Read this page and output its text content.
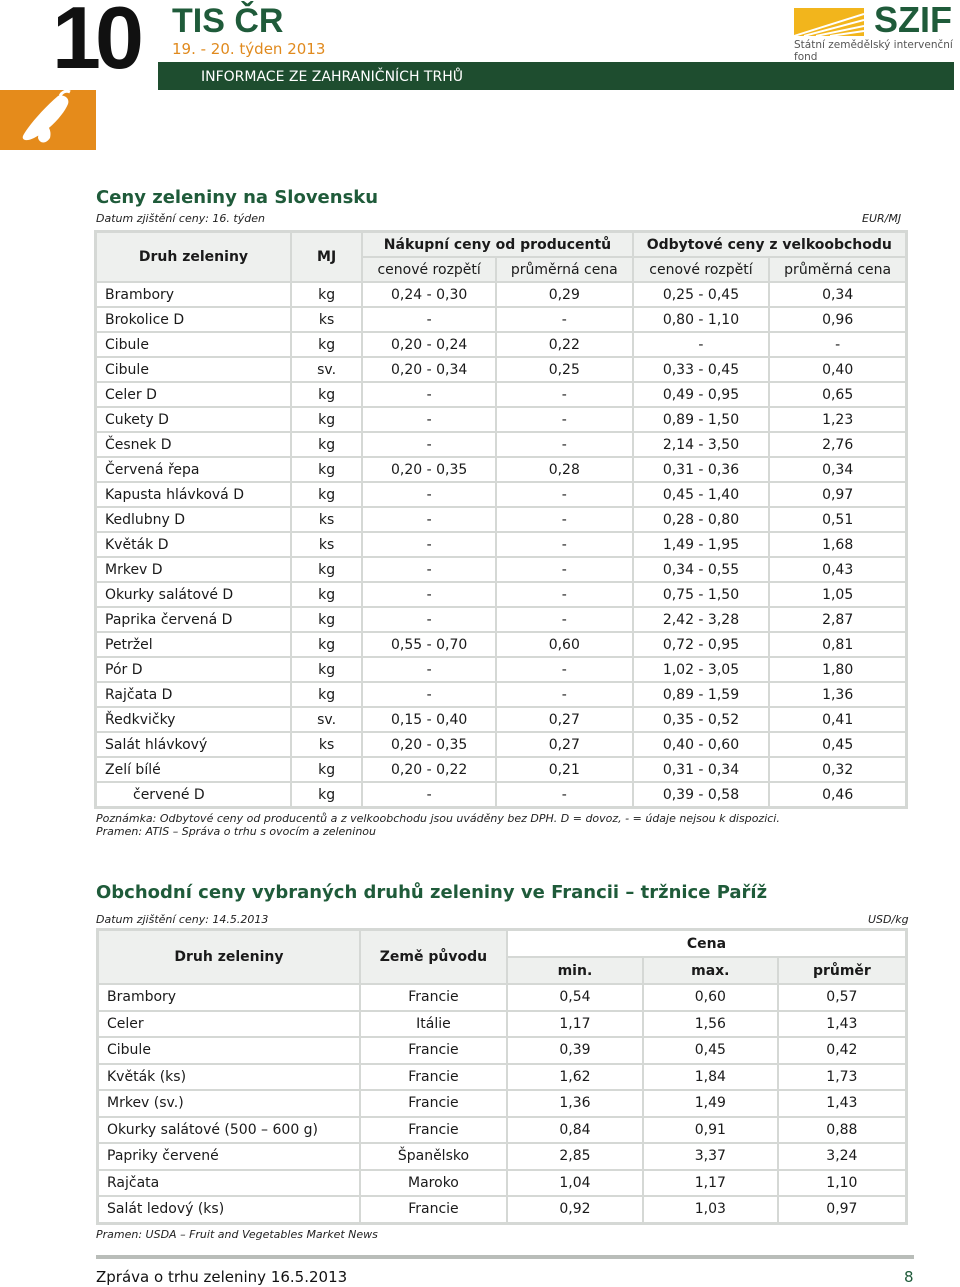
10 TIS ČR
19. - 20. týden 2013
INFORMACE ZE ZAHRANIČNÍCH TRHŮ
SZIF
Státní zemědělský intervenční fond
Ceny zeleniny na Slovensku
Datum zjištění ceny: 16. týden	EUR/MJ
Druh zeleniny	MJ	Nákupní ceny od producentů		Odbytové ceny z velkoobchodu	
		cenové rozpětí	průměrná cena	cenové rozpětí	průměrná cena
Brambory	kg	0,24 - 0,30	0,29	0,25 - 0,45	0,34
Brokolice D	ks	-	-	0,80 - 1,10	0,96
Cibule	kg	0,20 - 0,24	0,22	-	-
Cibule	sv.	0,20 - 0,34	0,25	0,33 - 0,45	0,40
Celer D	kg	-	-	0,49 - 0,95	0,65
Cukety D	kg	-	-	0,89 - 1,50	1,23
Česnek D	kg	-	-	2,14 - 3,50	2,76
Červená řepa	kg	0,20 - 0,35	0,28	0,31 - 0,36	0,34
Kapusta hlávková D	kg	-	-	0,45 - 1,40	0,97
Kedlubny D	ks	-	-	0,28 - 0,80	0,51
Květák D	ks	-	-	1,49 - 1,95	1,68
Mrkev D	kg	-	-	0,34 - 0,55	0,43
Okurky salátové D	kg	-	-	0,75 - 1,50	1,05
Paprika červená D	kg	-	-	2,42 - 3,28	2,87
Petržel	kg	0,55 - 0,70	0,60	0,72 - 0,95	0,81
Pór D	kg	-	-	1,02 - 3,05	1,80
Rajčata D	kg	-	-	0,89 - 1,59	1,36
Ředkvičky	sv.	0,15 - 0,40	0,27	0,35 - 0,52	0,41
Salát hlávkový	ks	0,20 - 0,35	0,27	0,40 - 0,60	0,45
Zelí bílé	kg	0,20 - 0,22	0,21	0,31 - 0,34	0,32
červené D	kg	-	-	0,39 - 0,58	0,46
Poznámka: Odbytové ceny od producentů a z velkoobchodu jsou uváděny bez DPH. D = dovoz, - = údaje nejsou k dispozici.
Pramen: ATIS – Správa o trhu s ovocím a zeleninou
Obchodní ceny vybraných druhů zeleniny ve Francii – tržnice Paříž
Datum zjištění ceny: 14.5.2013	USD/kg
Druh zeleniny	Země původu	Cena		
		min.	max.	průměr
Brambory	Francie	0,54	0,60	0,57
Celer	Itálie	1,17	1,56	1,43
Cibule	Francie	0,39	0,45	0,42
Květák (ks)	Francie	1,62	1,84	1,73
Mrkev (sv.)	Francie	1,36	1,49	1,43
Okurky salátové (500 – 600 g)	Francie	0,84	0,91	0,88
Papriky červené	Španělsko	2,85	3,37	3,24
Rajčata	Maroko	1,04	1,17	1,10
Salát ledový (ks)	Francie	0,92	1,03	0,97
Pramen: USDA – Fruit and Vegetables Market News
Zpráva o trhu zeleniny 16.5.2013	8
